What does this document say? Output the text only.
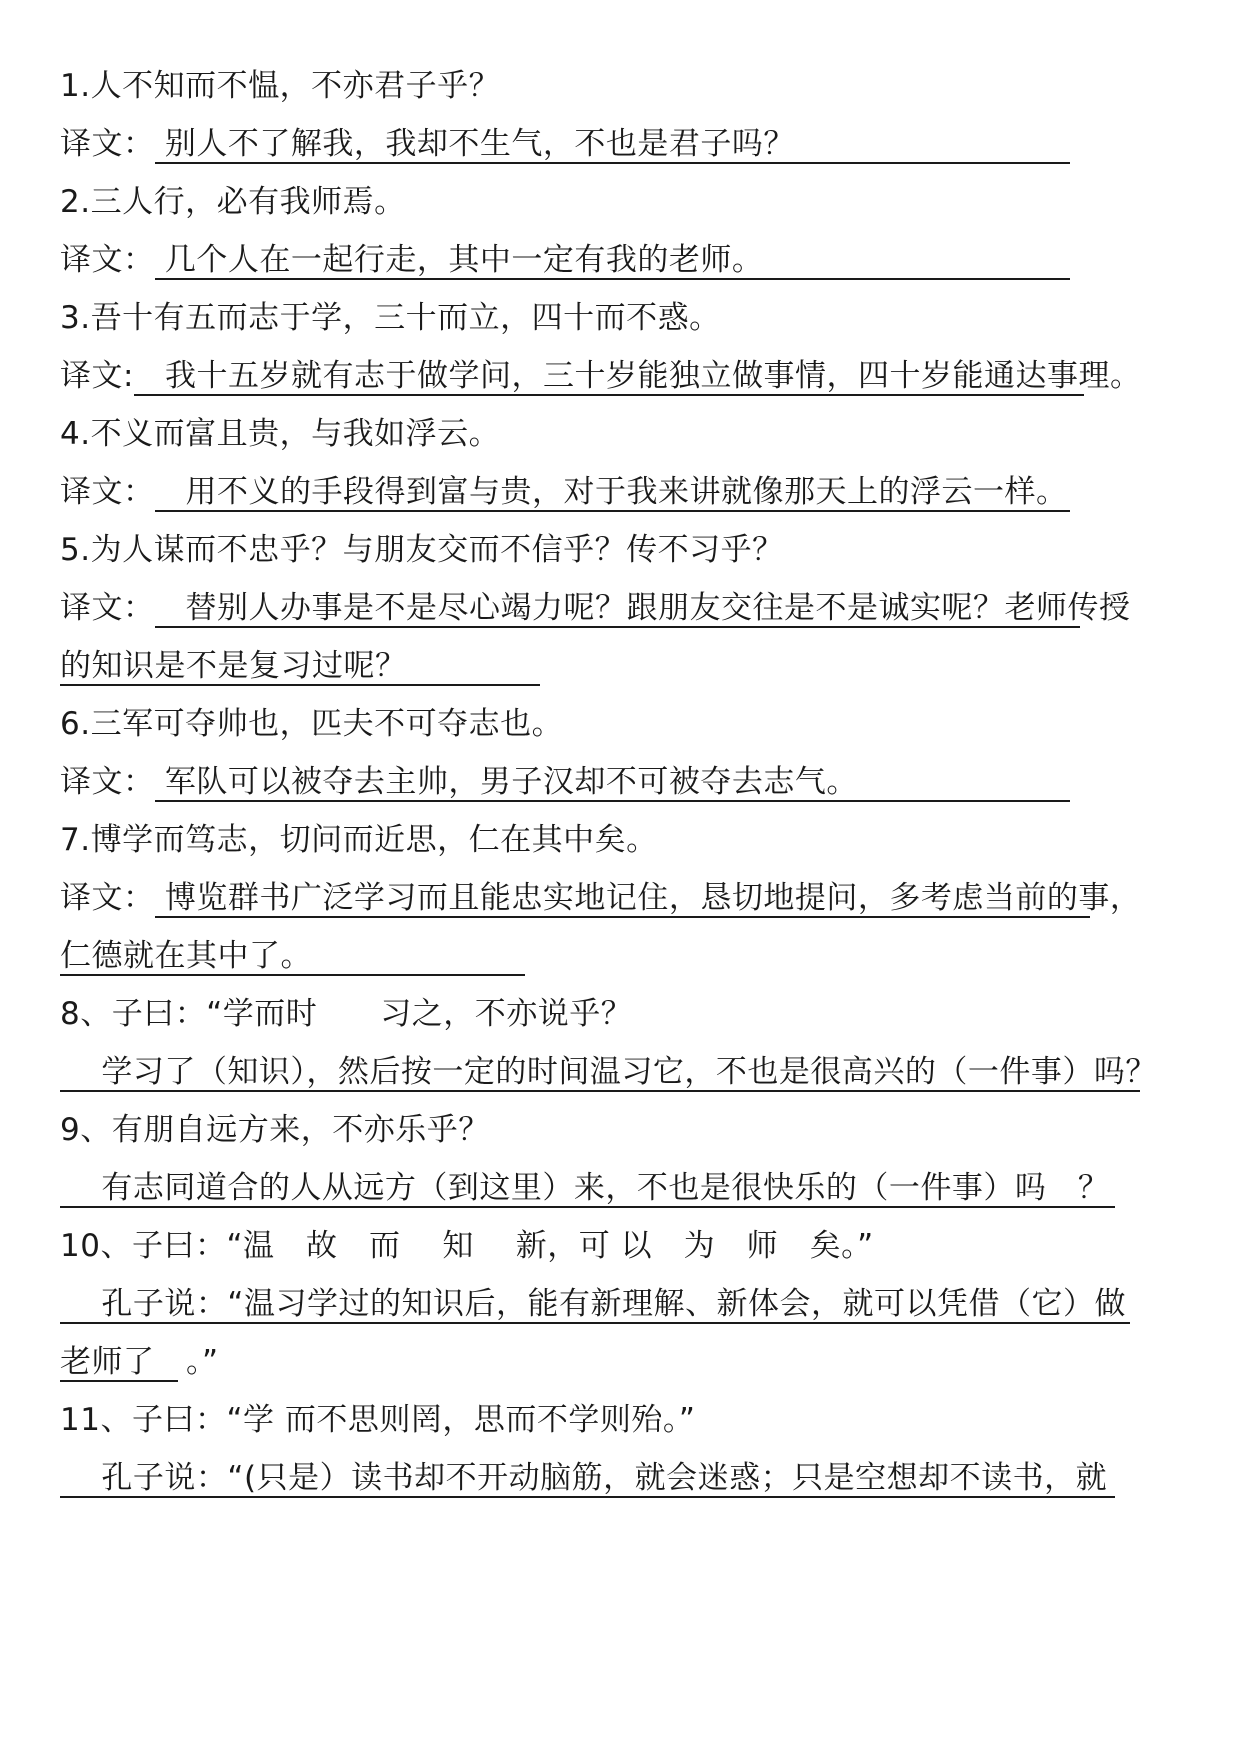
1.人不知而不愠，不亦君子乎？
译文： 别人不了解我，我却不生气，不也是君子吗？
2.三人行，必有我师焉。
译文： 几个人在一起行走，其中一定有我的老师。
3.吾十有五而志于学，三十而立，四十而不惑。
译文:   我十五岁就有志于做学问，三十岁能独立做事情，四十岁能通达事理。
4.不义而富且贵，与我如浮云。
译文：   用不义的手段得到富与贵，对于我来讲就像那天上的浮云一样。
5.为人谋而不忠乎？与朋友交而不信乎？传不习乎？
译文：   替别人办事是不是尽心竭力呢？跟朋友交往是不是诚实呢？老师传授
的知识是不是复习过呢？
6.三军可夺帅也，匹夫不可夺志也。
译文： 军队可以被夺去主帅，男子汉却不可被夺去志气。
7.博学而笃志，切问而近思，仁在其中矣。
译文： 博览群书广泛学习而且能忠实地记住，恳切地提问，多考虑当前的事，
仁德就在其中了。
8、子曰：“学而时　　习之，不亦说乎？
学习了（知识），然后按一定的时间温习它，不也是很高兴的（一件事）吗？
9、有朋自远方来，不亦乐乎？
有志同道合的人从远方（到这里）来，不也是很快乐的（一件事）吗　？
10、子曰：“温　故　而　 知　 新，可 以　为　师　矣。”
孔子说：“温习学过的知识后，能有新理解、新体会，就可以凭借（它）做
老师了　。”
11、子曰：“学 而不思则罔，思而不学则殆。”
孔子说：“(只是）读书却不开动脑筋，就会迷惑；只是空想却不读书，就
